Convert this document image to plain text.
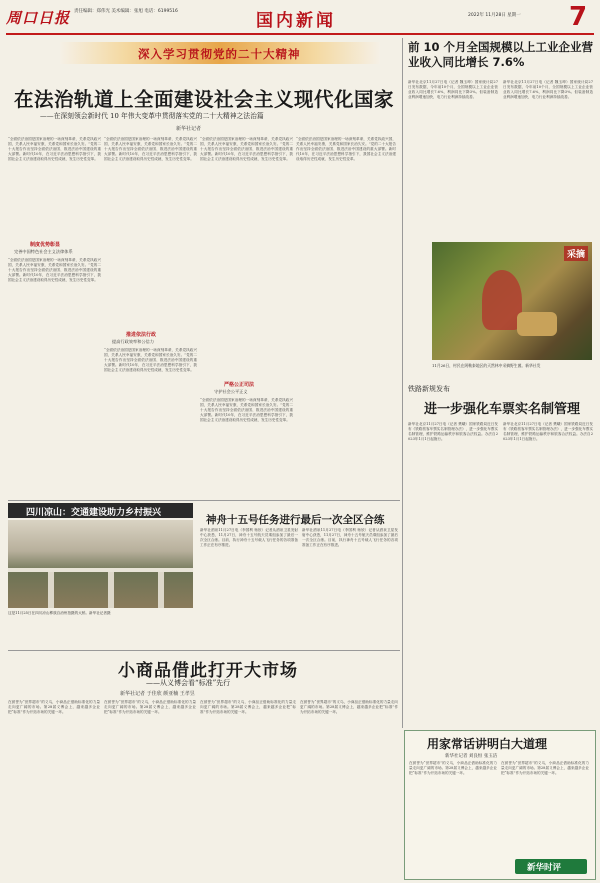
周口日报 责任编辑：郑伟光 美术编辑：张旭 电话：6199516
2022年 11月28日 星期一
国内新闻	7
深入学习贯彻党的二十大精神
在法治轨道上全面建设社会主义现代化国家
——在深刻领会新时代 10 年伟大变革中贯彻落实党的二十大精神之法治篇
新华社记者
“全面依法治国是国家治理的一场深刻革命，关系党执政兴国，关系人民幸福安康，关系党和国家长治久安。”党的二十大报告作出坚持全面依法治国、推进法治中国建设的重大部署。新时代10年，在习近平法治思想科学指引下，我国社会主义法治建设取得历史性成就、发生历史性变革。
制度优势彰显
完善中国特色社会主义法律体系
“全面依法治国是国家治理的一场深刻革命，关系党执政兴国，关系人民幸福安康，关系党和国家长治久安。”党的二十大报告作出坚持全面依法治国、推进法治中国建设的重大部署。新时代10年，在习近平法治思想科学指引下，我国社会主义法治建设取得历史性成就、发生历史性变革。
“全面依法治国是国家治理的一场深刻革命，关系党执政兴国，关系人民幸福安康，关系党和国家长治久安。”党的二十大报告作出坚持全面依法治国、推进法治中国建设的重大部署。新时代10年，在习近平法治思想科学指引下，我国社会主义法治建设取得历史性成就、发生历史性变革。
推进依法行政
提高行政效率和公信力
“全面依法治国是国家治理的一场深刻革命，关系党执政兴国，关系人民幸福安康，关系党和国家长治久安。”党的二十大报告作出坚持全面依法治国、推进法治中国建设的重大部署。新时代10年，在习近平法治思想科学指引下，我国社会主义法治建设取得历史性成就、发生历史性变革。
“全面依法治国是国家治理的一场深刻革命，关系党执政兴国，关系人民幸福安康，关系党和国家长治久安。”党的二十大报告作出坚持全面依法治国、推进法治中国建设的重大部署。新时代10年，在习近平法治思想科学指引下，我国社会主义法治建设取得历史性成就、发生历史性变革。
严格公正司法
守护社会公平正义
“全面依法治国是国家治理的一场深刻革命，关系党执政兴国，关系人民幸福安康，关系党和国家长治久安。”党的二十大报告作出坚持全面依法治国、推进法治中国建设的重大部署。新时代10年，在习近平法治思想科学指引下，我国社会主义法治建设取得历史性成就、发生历史性变革。
“全面依法治国是国家治理的一场深刻革命，关系党执政兴国，关系人民幸福安康，关系党和国家长治久安。”党的二十大报告作出坚持全面依法治国、推进法治中国建设的重大部署。新时代10年，在习近平法治思想科学指引下，我国社会主义法治建设取得历史性成就、发生历史性变革。
前 10 个月全国规模以上工业企业营业收入同比增长 7.6%
新华社北京11月27日电（记者 魏玉坤）国家统计局27日发布数据，今年前10个月，全国规模以上工业企业营业收入同比增长7.6%，利润同比下降3%。但装备制造业利润增速加快，电力行业利润持续改善。
新华社北京11月27日电（记者 魏玉坤）国家统计局27日发布数据，今年前10个月，全国规模以上工业企业营业收入同比增长7.6%，利润同比下降3%。但装备制造业利润增速加快，电力行业利润持续改善。
采摘
11月26日，村民在阿勒泰地区的天然林中采摘野生菌。新华社发
铁路新规发布
进一步强化车票实名制管理
新华社北京11月27日电（记者 樊曦）国家铁路局近日发布《铁路旅客车票实名制管理办法》，进一步强化车票实名制管理，维护铁路运输秩序和旅客合法权益。办法自2023年1月1日起施行。
新华社北京11月27日电（记者 樊曦）国家铁路局近日发布《铁路旅客车票实名制管理办法》，进一步强化车票实名制管理，维护铁路运输秩序和旅客合法权益。办法自2023年1月1日起施行。
四川凉山：交通建设助力乡村振兴
这是11月25日在四川凉山彝族自治州拍摄的大桥。新华社记者摄
神舟十五号任务进行最后一次全区合练
新华社酒泉11月27日电（李国利 杨欣）记者从酒泉卫星发射中心获悉，11月27日，神舟十五号航天员乘组参加了最后一次全区合练。目前，执行神舟十五号载人飞行任务的各项准备工作正在有序推进。
新华社酒泉11月27日电（李国利 杨欣）记者从酒泉卫星发射中心获悉，11月27日，神舟十五号航天员乘组参加了最后一次全区合练。目前，执行神舟十五号载人飞行任务的各项准备工作正在有序推进。
小商品借此打开大市场
——从义博会看“标准”先行
新华社记者 于佳欣 颜亚楠 王孝昱
在被誉为“世界超市”的义乌，小商品正借助标准化的力量走向更广阔的市场。第28届义博会上，越来越多企业把“标准”作为开拓市场的关键一环。
在被誉为“世界超市”的义乌，小商品正借助标准化的力量走向更广阔的市场。第28届义博会上，越来越多企业把“标准”作为开拓市场的关键一环。
在被誉为“世界超市”的义乌，小商品正借助标准化的力量走向更广阔的市场。第28届义博会上，越来越多企业把“标准”作为开拓市场的关键一环。
在被誉为“世界超市”的义乌，小商品正借助标准化的力量走向更广阔的市场。第28届义博会上，越来越多企业把“标准”作为开拓市场的关键一环。
用家常话讲明白大道理
新华社记者 刘良恒 张玉洁
在被誉为“世界超市”的义乌，小商品正借助标准化的力量走向更广阔的市场。第28届义博会上，越来越多企业把“标准”作为开拓市场的关键一环。
在被誉为“世界超市”的义乌，小商品正借助标准化的力量走向更广阔的市场。第28届义博会上，越来越多企业把“标准”作为开拓市场的关键一环。
新华时评
